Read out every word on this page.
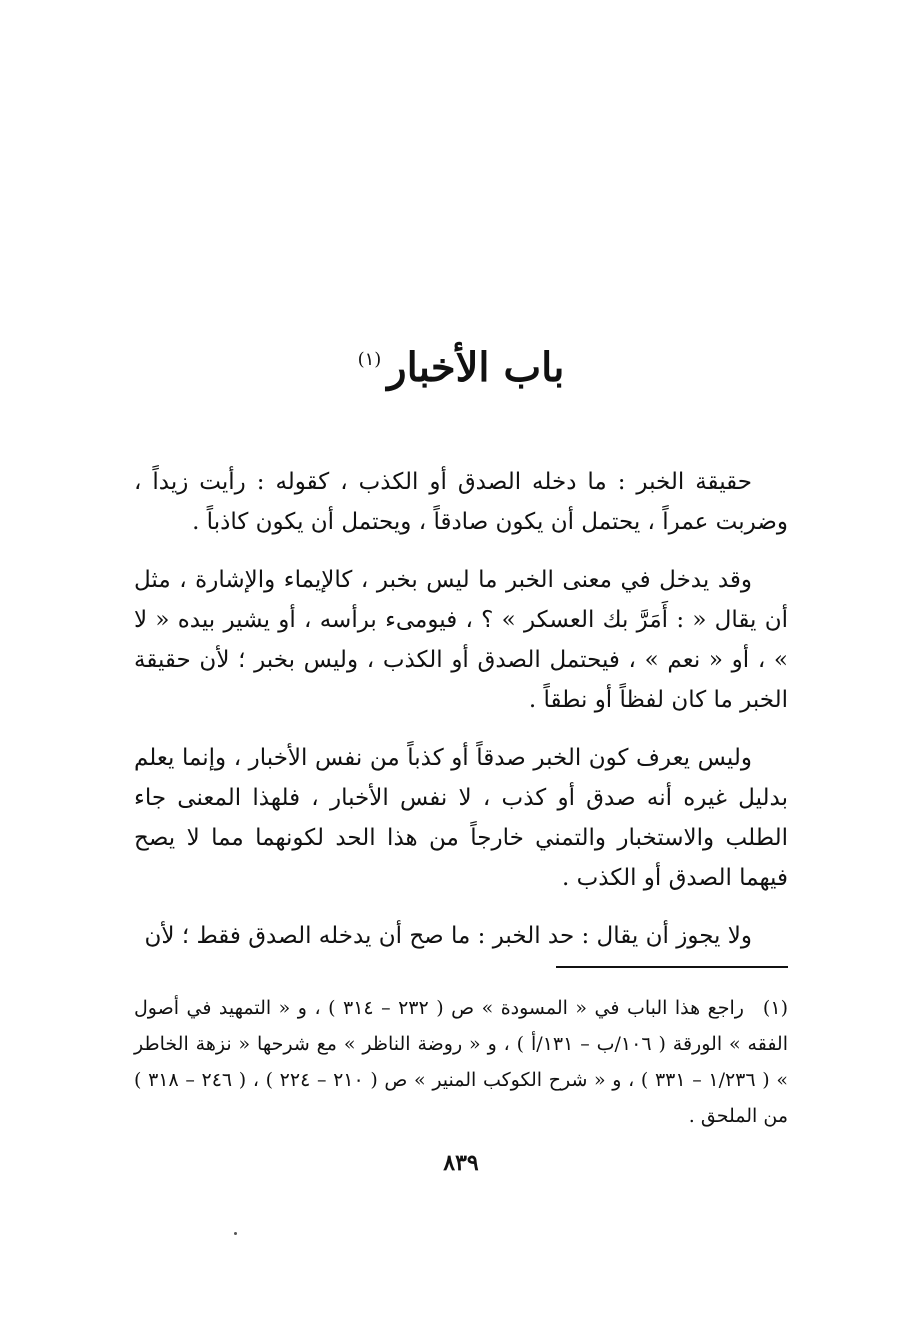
باب الأخبار$^{(١)}$

حقيقة الخبر : ما دخله الصدق أو الكذب ، كقوله : رأيت زيداً ، وضربت عمراً ، يحتمل أن يكون صادقاً ، ويحتمل أن يكون كاذباً .

وقد يدخل في معنى الخبر ما ليس بخبر ، كالإيماء والإشارة ، مثل أن يقال « : أَمَرَّ بك العسكر » ؟ ، فيومىء برأسه ، أو يشير بيده « لا » ، أو « نعم » ، فيحتمل الصدق أو الكذب ، وليس بخبر ؛ لأن حقيقة الخبر ما كان لفظاً أو نطقاً .

وليس يعرف كون الخبر صدقاً أو كذباً من نفس الأخبار ، وإنما يعلم بدليل غيره أنه صدق أو كذب ، لا نفس الأخبار ، فلهذا المعنى جاء الطلب والاستخبار والتمني خارجاً من هذا الحد لكونهما مما لا يصح فيهما الصدق أو الكذب .

ولا يجوز أن يقال : حد الخبر : ما صح أن يدخله الصدق فقط ؛ لأن

(١)راجع هذا الباب في « المسودة » ص ( ٢٣٢ – ٣١٤ ) ، و « التمهيد في أصول الفقه » الورقة ( ١٠٦/ب – ١٣١/أ ) ، و « روضة الناظر » مع شرحها « نزهة الخاطر » ( ١/٢٣٦ – ٣٣١ ) ، و « شرح الكوكب المنير » ص ( ٢١٠ – ٢٢٤ ) ، ( ٢٤٦ – ٣١٨ ) من الملحق .
٨٣٩
